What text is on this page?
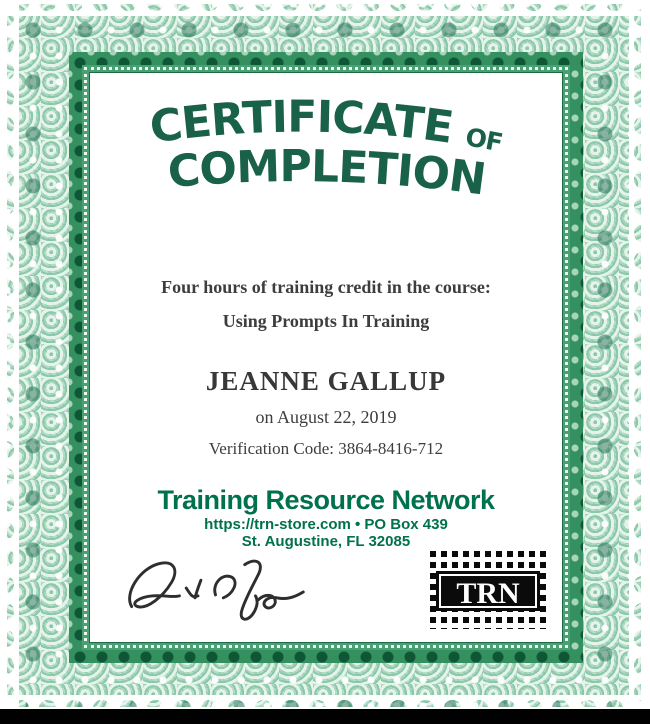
CERTIFICATE OF
COMPLETION

Four hours of training credit in the course:

Using Prompts In Training

JEANNE GALLUP

on August 22, 2019

Verification Code: 3864-8416-712

Training Resource Network

https://trn-store.com • PO Box 439

St. Augustine, FL 32085

TRN
